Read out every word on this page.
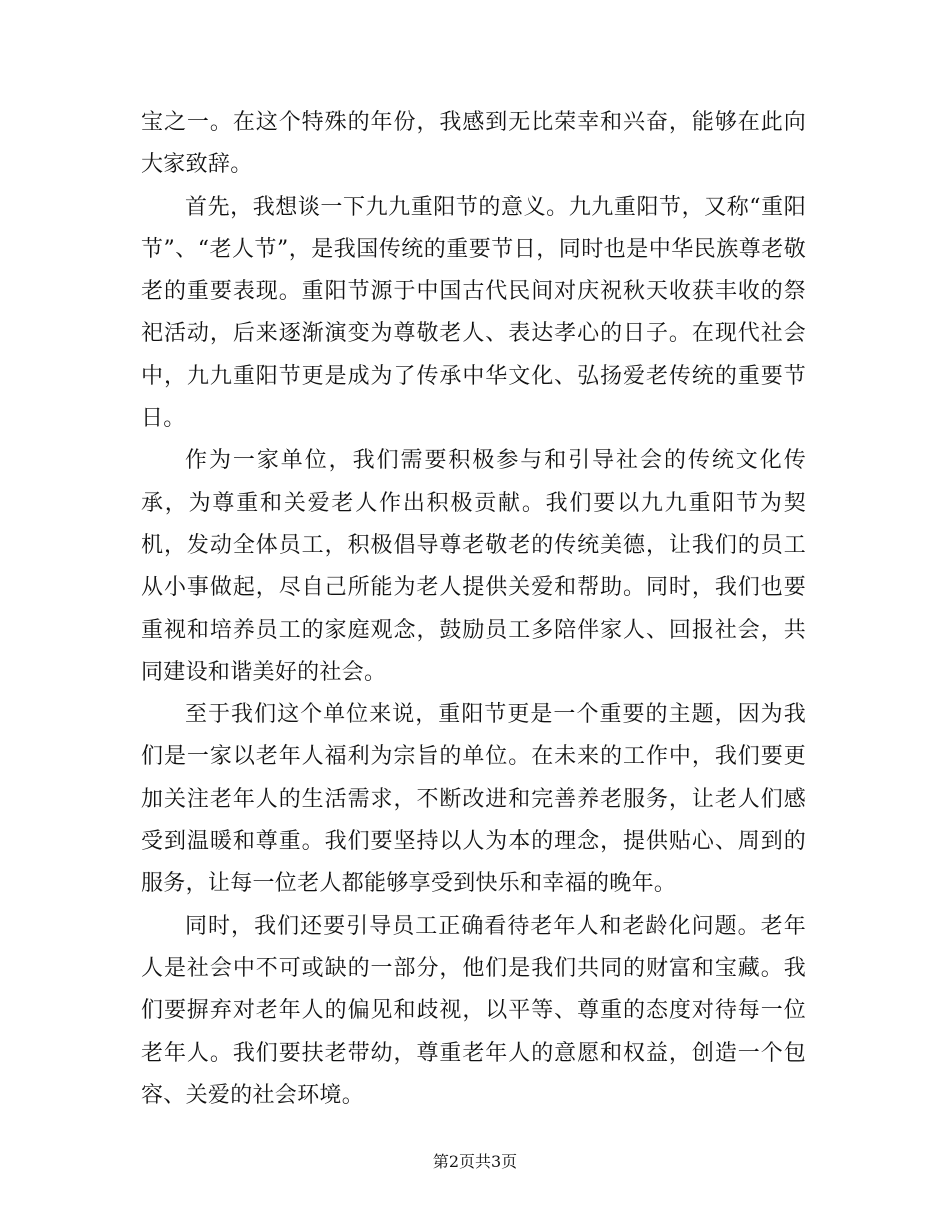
宝之一。在这个特殊的年份，我感到无比荣幸和兴奋，能够在此向大家致辞。

首先，我想谈一下九九重阳节的意义。九九重阳节，又称“重阳节”、“老人节”，是我国传统的重要节日，同时也是中华民族尊老敬老的重要表现。重阳节源于中国古代民间对庆祝秋天收获丰收的祭祀活动，后来逐渐演变为尊敬老人、表达孝心的日子。在现代社会中，九九重阳节更是成为了传承中华文化、弘扬爱老传统的重要节日。

作为一家单位，我们需要积极参与和引导社会的传统文化传承，为尊重和关爱老人作出积极贡献。我们要以九九重阳节为契机，发动全体员工，积极倡导尊老敬老的传统美德，让我们的员工从小事做起，尽自己所能为老人提供关爱和帮助。同时，我们也要重视和培养员工的家庭观念，鼓励员工多陪伴家人、回报社会，共同建设和谐美好的社会。

至于我们这个单位来说，重阳节更是一个重要的主题，因为我们是一家以老年人福利为宗旨的单位。在未来的工作中，我们要更加关注老年人的生活需求，不断改进和完善养老服务，让老人们感受到温暖和尊重。我们要坚持以人为本的理念，提供贴心、周到的服务，让每一位老人都能够享受到快乐和幸福的晚年。

同时，我们还要引导员工正确看待老年人和老龄化问题。老年人是社会中不可或缺的一部分，他们是我们共同的财富和宝藏。我们要摒弃对老年人的偏见和歧视，以平等、尊重的态度对待每一位老年人。我们要扶老带幼，尊重老年人的意愿和权益，创造一个包容、关爱的社会环境。

第2页共3页
